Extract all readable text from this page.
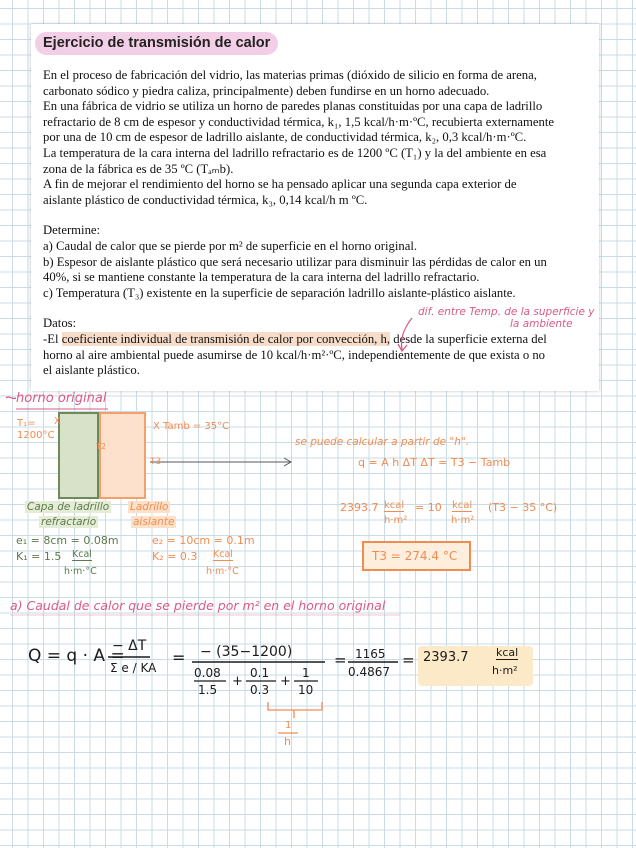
Ejercicio de transmisión de calor

En el proceso de fabricación del vidrio, las materias primas (dióxido de silicio en forma de arena,

carbonato sódico y piedra caliza, principalmente) deben fundirse en un horno adecuado.

En una fábrica de vidrio se utiliza un horno de paredes planas constituidas por una capa de ladrillo

refractario de 8 cm de espesor y conductividad térmica, k₁, 1,5 kcal/h·m·ºC, recubierta externamente

por una de 10 cm de espesor de ladrillo aislante, de conductividad térmica, k₂, 0,3 kcal/h·m·ºC.

La temperatura de la cara interna del ladrillo refractario es de 1200 ºC (T₁) y la del ambiente en esa

zona de la fábrica es de 35 ºC (Tₐₘb).

A fin de mejorar el rendimiento del horno se ha pensado aplicar una segunda capa exterior de

aislante plástico de conductividad térmica, k₃, 0,14 kcal/h m ºC.

Determine:

a) Caudal de calor que se pierde por m² de superficie en el horno original.

b) Espesor de aislante plástico que será necesario utilizar para disminuir las pérdidas de calor en un

40%, si se mantiene constante la temperatura de la cara interna del ladrillo refractario.

c) Temperatura (T₃) existente en la superficie de separación ladrillo aislante-plástico aislante.

Datos:

-El coeficiente individual de transmisión de calor por convección, h, desde la superficie externa del

horno al aire ambiental puede asumirse de 10 kcal/h·m²·ºC, independientemente de que exista o no

el aislante plástico.

dif. entre Temp. de la superficie y
la ambiente
horno original
T₁=
1200°C
X
T2
T3
X Tamb = 35°C
se puede calcular a partir de "h".
q = A h ΔT ΔT = T3 − Tamb
2393.7 kcal
h·m²
= 10 kcal
h·m²
(T3 − 35 °C)
T3 = 274.4 °C
Capa de ladrillo
refractario
e₁ = 8cm = 0.08m
K₁ = 1.5 Kcal
h·m·°C
Ladrillo
aislante
e₂ = 10cm = 0.1m
K₂ = 0.3 Kcal
h·m·°C
a) Caudal de calor que se pierde por m² en el horno original
Q = q · A =
− ΔT
Σ e / KA
= − (35−1200)
0.08
1.5
+
0.1
0.3
+
1
10
= 1165
0.4867
= 2393.7	kcal
h·m²
1
h
